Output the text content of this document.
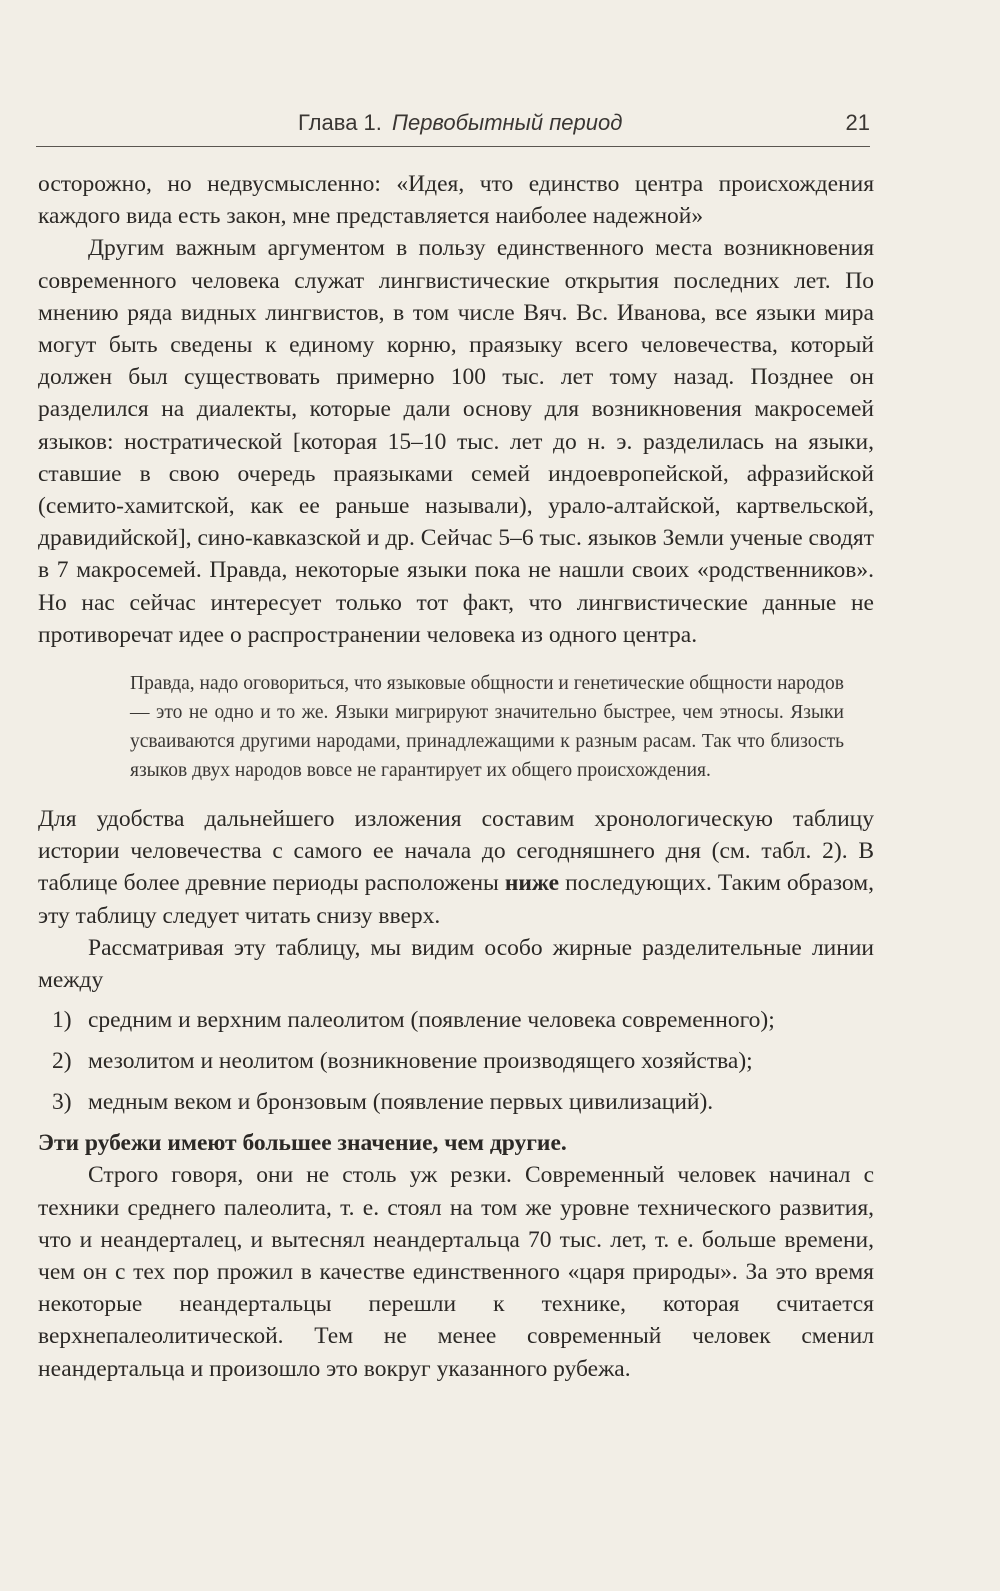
Глава 1. Первобытный период	21

осторожно, но недвусмысленно: «Идея, что единство центра происхождения каждого вида есть закон, мне представляется наиболее надежной»

Другим важным аргументом в пользу единственного места возникновения современного человека служат лингвистические открытия последних лет. По мнению ряда видных лингвистов, в том числе Вяч. Вс. Иванова, все языки мира могут быть сведены к единому корню, праязыку всего человечества, который должен был существовать примерно 100 тыс. лет тому назад. Позднее он разделился на диалекты, которые дали основу для возникновения макросемей языков: ностратической [которая 15–10 тыс. лет до н. э. разделилась на языки, ставшие в свою очередь праязыками семей индоевропейской, афразийской (семито-хамитской, как ее раньше называли), урало-алтайской, картвельской, дравидийской], сино-кавказской и др. Сейчас 5–6 тыс. языков Земли ученые сводят в 7 макросемей. Правда, некоторые языки пока не нашли своих «родственников». Но нас сейчас интересует только тот факт, что лингвистические данные не противоречат идее о распространении человека из одного центра.

Правда, надо оговориться, что языковые общности и генетические общности народов — это не одно и то же. Языки мигрируют значительно быстрее, чем этносы. Языки усваиваются другими народами, принадлежащими к разным расам. Так что близость языков двух народов вовсе не гарантирует их общего происхождения.

Для удобства дальнейшего изложения составим хронологическую таблицу истории человечества с самого ее начала до сегодняшнего дня (см. табл. 2). В таблице более древние периоды расположены ниже последующих. Таким образом, эту таблицу следует читать снизу вверх.

Рассматривая эту таблицу, мы видим особо жирные разделительные линии между

1) средним и верхним палеолитом (появление человека современного);
2) мезолитом и неолитом (возникновение производящего хозяйства);
3) медным веком и бронзовым (появление первых цивилизаций).

Эти рубежи имеют большее значение, чем другие.

Строго говоря, они не столь уж резки. Современный человек начинал с техники среднего палеолита, т. е. стоял на том же уровне технического развития, что и неандерталец, и вытеснял неандертальца 70 тыс. лет, т. е. больше времени, чем он с тех пор прожил в качестве единственного «царя природы». За это время некоторые неандертальцы перешли к технике, которая считается верхнепалеолитической. Тем не менее современный человек сменил неандертальца и произошло это вокруг указанного рубежа.
